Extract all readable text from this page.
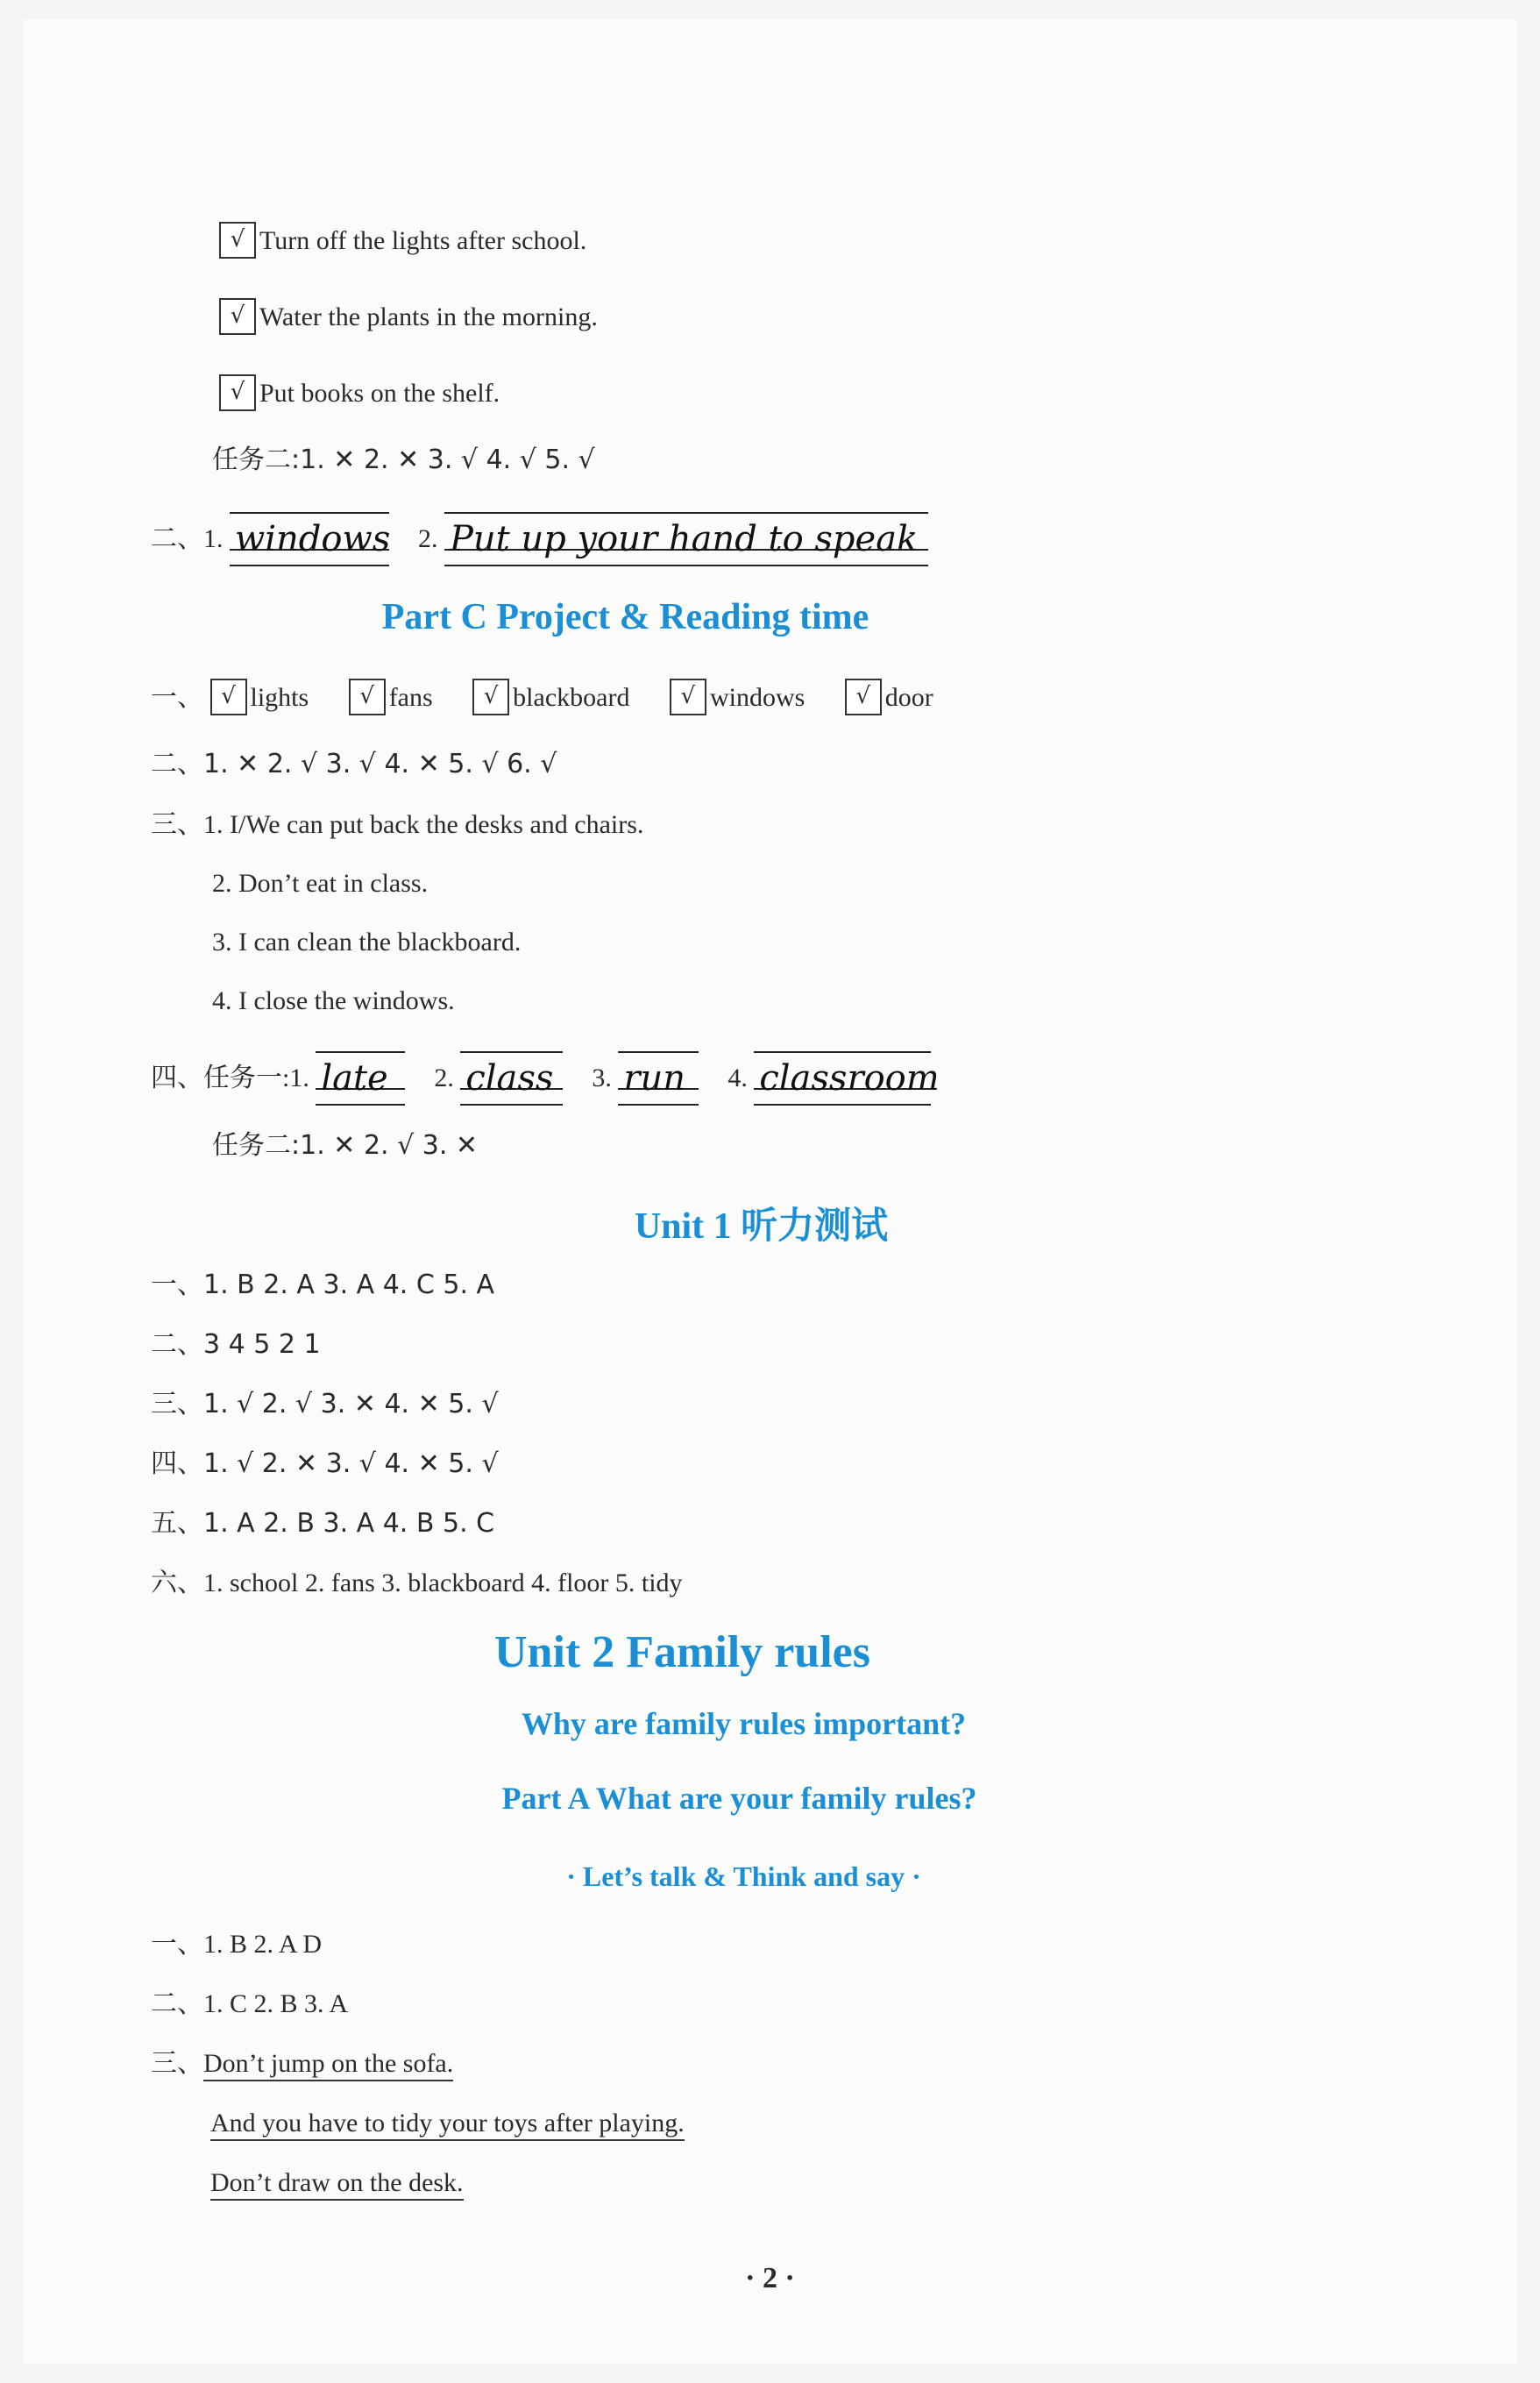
√ Turn off the lights after school.
√ Water the plants in the morning.
√ Put books on the shelf.
任务二:1. ✕ 2. ✕ 3. √ 4. √ 5. √
二、1. windows 2. Put up your hand to speak
Part C Project & Reading time
一、 √ lights √ fans √ blackboard √ windows √ door
二、1. ✕ 2. √ 3. √ 4. ✕ 5. √ 6. √
三、1. I/We can put back the desks and chairs.
2. Don’t eat in class.
3. I can clean the blackboard.
4. I close the windows.
四、任务一:1. late 2. class 3. run 4. classroom
任务二:1. ✕ 2. √ 3. ✕
Unit 1 听力测试
一、1. B 2. A 3. A 4. C 5. A
二、3 4 5 2 1
三、1. √ 2. √ 3. ✕ 4. ✕ 5. √
四、1. √ 2. ✕ 3. √ 4. ✕ 5. √
五、1. A 2. B 3. A 4. B 5. C
六、1. school 2. fans 3. blackboard 4. floor 5. tidy
Unit 2 Family rules
Why are family rules important?
Part A What are your family rules?
· Let’s talk & Think and say ·
一、1. B 2. A D
二、1. C 2. B 3. A
三、Don’t jump on the sofa.
And you have to tidy your toys after playing.
Don’t draw on the desk.
· 2 ·
